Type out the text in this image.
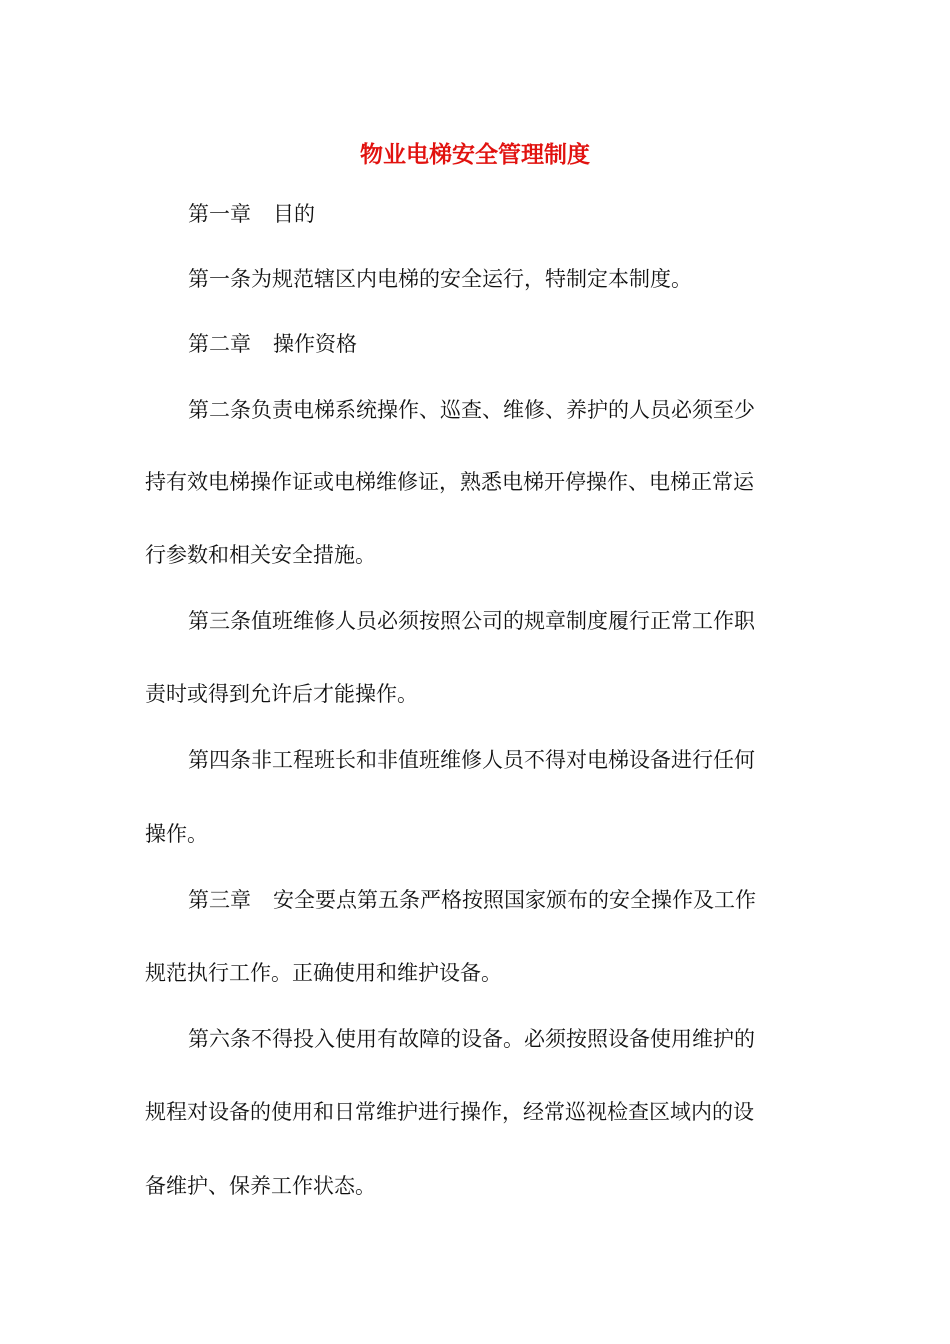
物业电梯安全管理制度
第一章 目的
第一条为规范辖区内电梯的安全运行，特制定本制度。
第二章 操作资格
第二条负责电梯系统操作、巡查、维修、养护的人员必须至少
持有效电梯操作证或电梯维修证，熟悉电梯开停操作、电梯正常运
行参数和相关安全措施。
第三条值班维修人员必须按照公司的规章制度履行正常工作职
责时或得到允许后才能操作。
第四条非工程班长和非值班维修人员不得对电梯设备进行任何
操作。
第三章 安全要点第五条严格按照国家颁布的安全操作及工作
规范执行工作。正确使用和维护设备。
第六条不得投入使用有故障的设备。必须按照设备使用维护的
规程对设备的使用和日常维护进行操作，经常巡视检查区域内的设
备维护、保养工作状态。
